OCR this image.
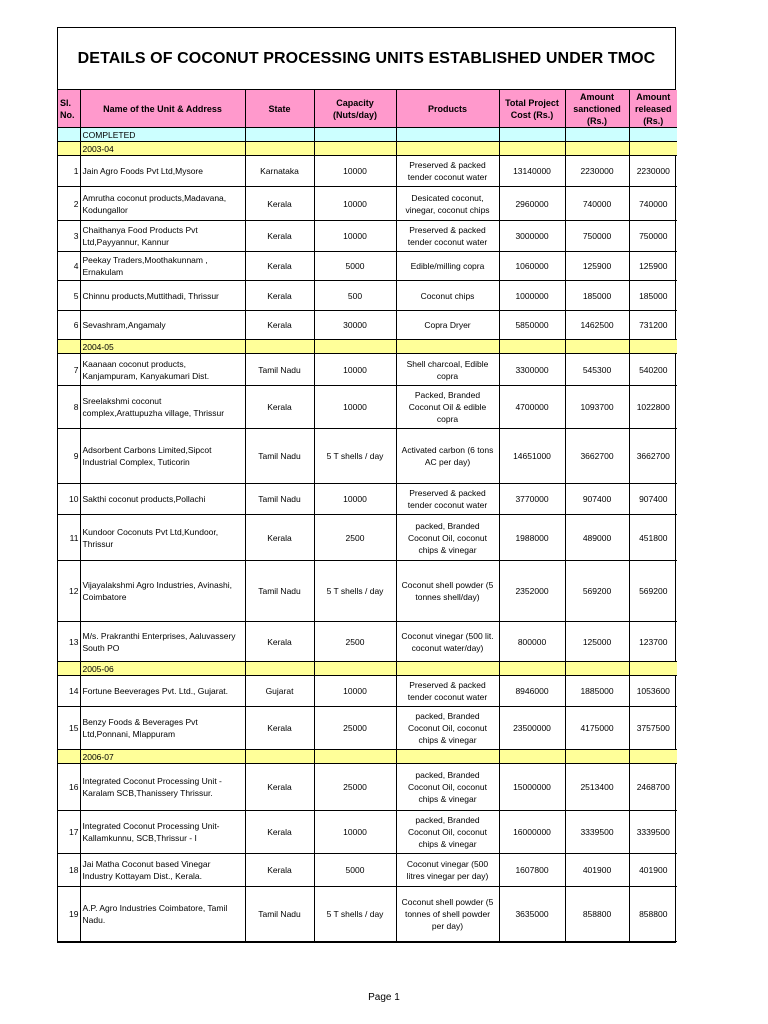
DETAILS OF COCONUT PROCESSING UNITS ESTABLISHED UNDER TMOC
Sl. No.	Name of the Unit & Address	State	Capacity (Nuts/day)	Products	Total Project Cost (Rs.)	Amount sanctioned (Rs.)	Amount released (Rs.)
	COMPLETED						
	2003-04						
1	Jain Agro Foods Pvt Ltd,Mysore	Karnataka	10000	Preserved & packed tender coconut water	13140000	2230000	2230000
2	Amrutha coconut products,Madavana, Kodungallor	Kerala	10000	Desicated coconut, vinegar, coconut chips	2960000	740000	740000
3	Chaithanya Food Products Pvt Ltd,Payyannur, Kannur	Kerala	10000	Preserved & packed tender coconut water	3000000	750000	750000
4	Peekay Traders,Moothakunnam , Ernakulam	Kerala	5000	Edible/milling copra	1060000	125900	125900
5	Chinnu products,Muttithadi, Thrissur	Kerala	500	Coconut chips	1000000	185000	185000
6	Sevashram,Angamaly	Kerala	30000	Copra Dryer	5850000	1462500	731200
	2004-05						
7	Kaanaan coconut products, Kanjampuram, Kanyakumari Dist.	Tamil Nadu	10000	Shell charcoal, Edible copra	3300000	545300	540200
8	Sreelakshmi coconut complex,Arattupuzha village, Thrissur	Kerala	10000	Packed, Branded Coconut Oil & edible copra	4700000	1093700	1022800
9	Adsorbent Carbons Limited,Sipcot Industrial Complex, Tuticorin	Tamil Nadu	5 T shells / day	Activated carbon (6 tons AC per day)	14651000	3662700	3662700
10	Sakthi coconut products,Pollachi	Tamil Nadu	10000	Preserved & packed tender coconut water	3770000	907400	907400
11	Kundoor Coconuts Pvt Ltd,Kundoor, Thrissur	Kerala	2500	packed, Branded Coconut Oil, coconut chips & vinegar	1988000	489000	451800
12	Vijayalakshmi Agro Industries, Avinashi, Coimbatore	Tamil Nadu	5 T shells / day	Coconut shell powder (5 tonnes shell/day)	2352000	569200	569200
13	M/s. Prakranthi Enterprises, Aaluvassery South PO	Kerala	2500	Coconut vinegar (500 lit. coconut water/day)	800000	125000	123700
	2005-06						
14	Fortune Beeverages Pvt. Ltd., Gujarat.	Gujarat	10000	Preserved & packed tender coconut water	8946000	1885000	1053600
15	Benzy Foods & Beverages Pvt Ltd,Ponnani, Mlappuram	Kerala	25000	packed, Branded Coconut Oil, coconut chips & vinegar	23500000	4175000	3757500
	2006-07						
16	Integrated Coconut Processing Unit - Karalam SCB,Thanissery Thrissur.	Kerala	25000	packed, Branded Coconut Oil, coconut chips & vinegar	15000000	2513400	2468700
17	Integrated Coconut Processing Unit- Kallamkunnu, SCB,Thrissur - I	Kerala	10000	packed, Branded Coconut Oil, coconut chips & vinegar	16000000	3339500	3339500
18	Jai Matha Coconut based Vinegar Industry Kottayam Dist., Kerala.	Kerala	5000	Coconut vinegar (500 litres vinegar per day)	1607800	401900	401900
19	A.P. Agro Industries Coimbatore, Tamil Nadu.	Tamil Nadu	5 T shells / day	Coconut shell powder (5 tonnes of shell powder per day)	3635000	858800	858800
Page 1
